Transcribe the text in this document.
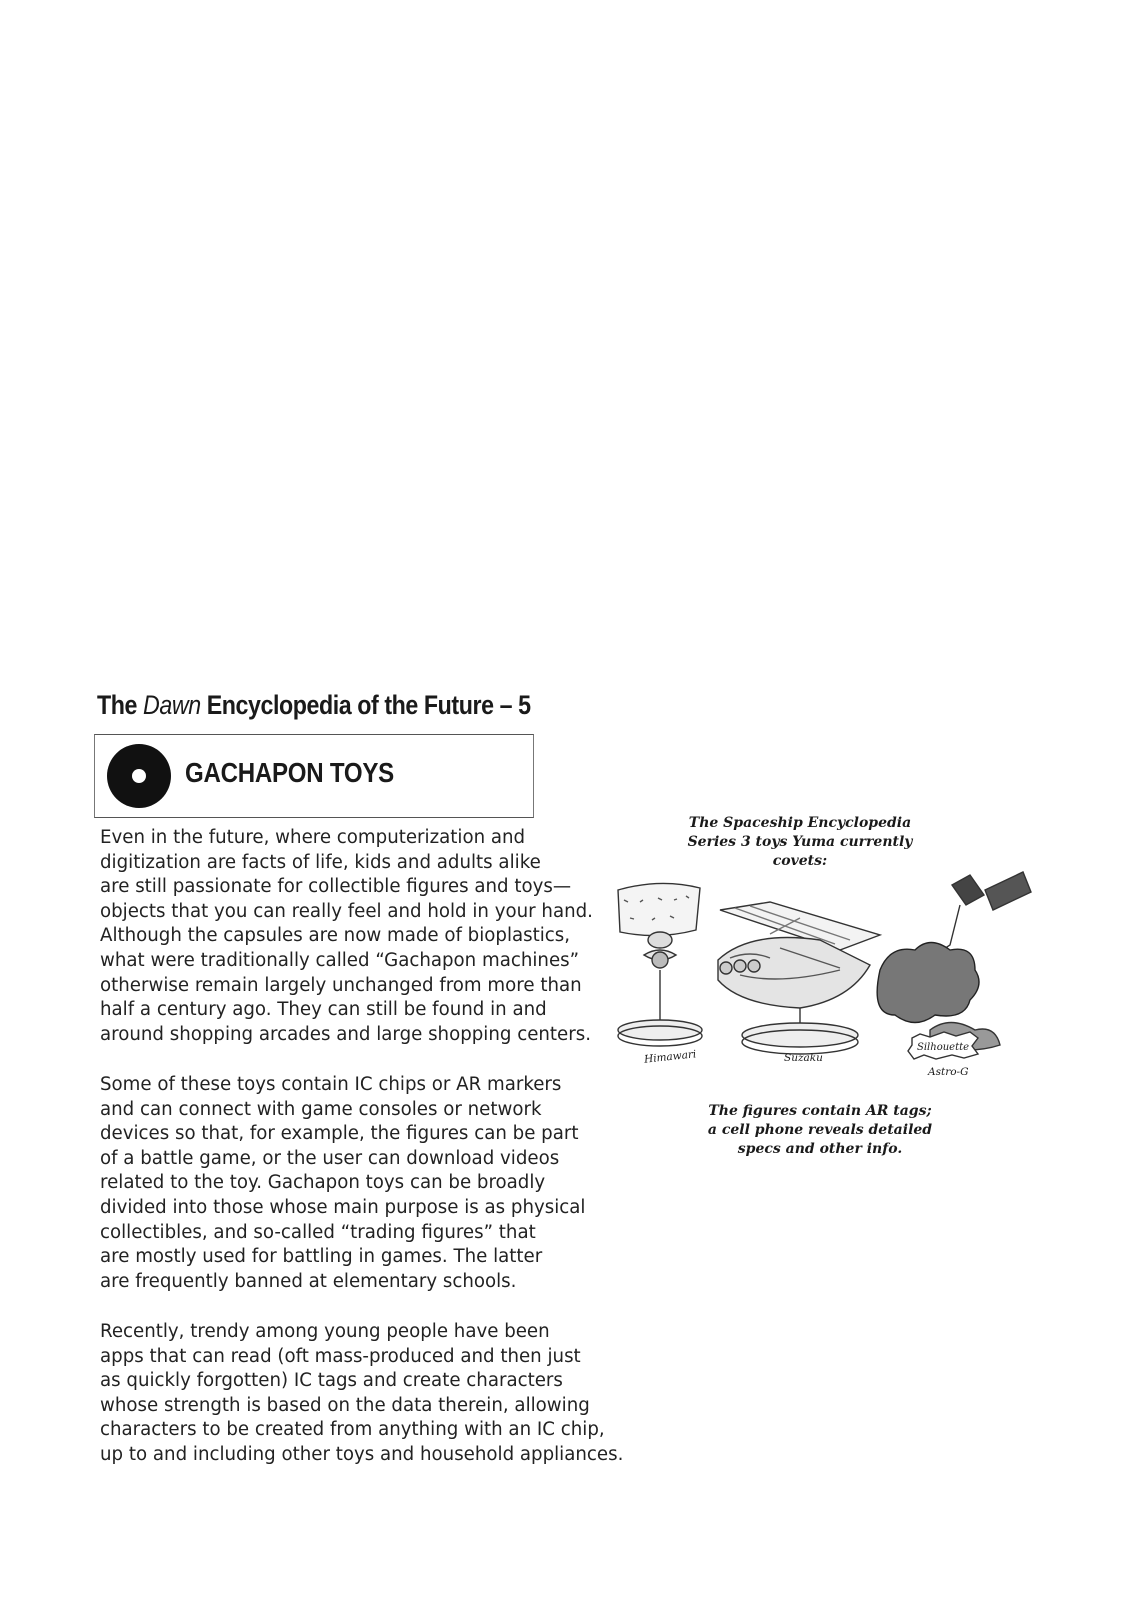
The Dawn Encyclopedia of the Future – 5
GACHAPON TOYS
Even in the future, where computerization and
digitization are facts of life, kids and adults alike
are still passionate for collectible figures and toys—
objects that you can really feel and hold in your hand.
Although the capsules are now made of bioplastics,
what were traditionally called “Gachapon machines”
otherwise remain largely unchanged from more than
half a century ago. They can still be found in and
around shopping arcades and large shopping centers.
Some of these toys contain IC chips or AR markers
and can connect with game consoles or network
devices so that, for example, the figures can be part
of a battle game, or the user can download videos
related to the toy. Gachapon toys can be broadly
divided into those whose main purpose is as physical
collectibles, and so-called “trading figures” that
are mostly used for battling in games. The latter
are frequently banned at elementary schools.
Recently, trendy among young people have been
apps that can read (oft mass-produced and then just
as quickly forgotten) IC tags and create characters
whose strength is based on the data therein, allowing
characters to be created from anything with an IC chip,
up to and including other toys and household appliances.
The Spaceship Encyclopedia
Series 3 toys Yuma currently
covets:
Himawari	Suzaku
Silhouette
Astro-G
The figures contain AR tags;
a cell phone reveals detailed
specs and other info.
